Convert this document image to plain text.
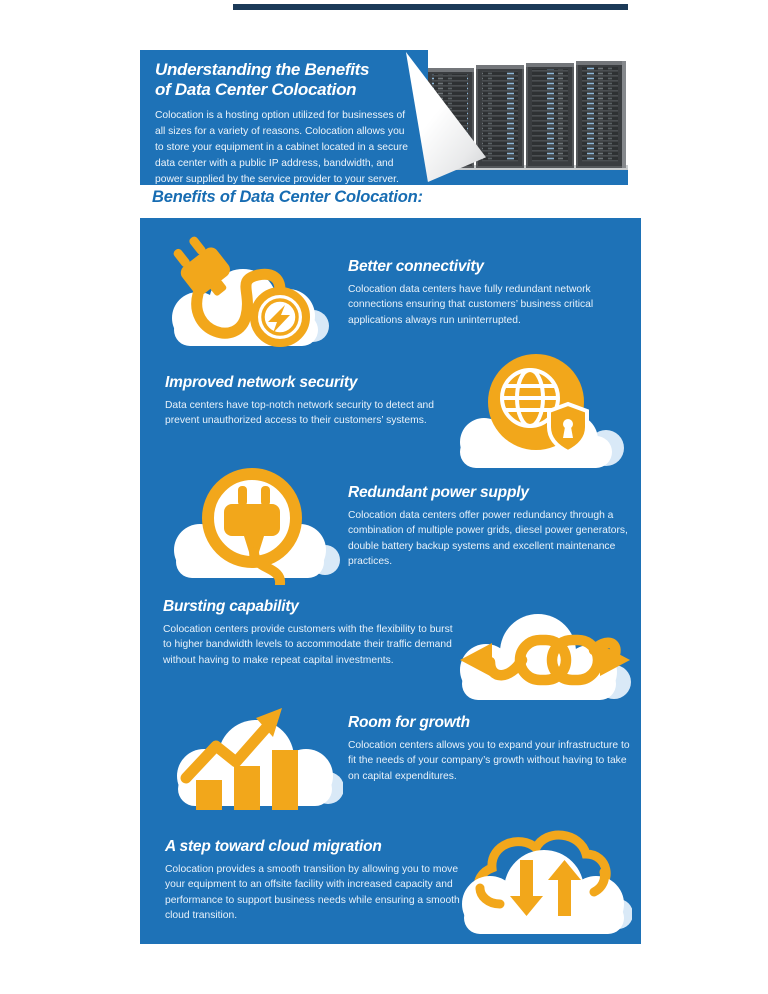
Understanding the Benefits
of Data Center Colocation

Colocation is a hosting option utilized for businesses of all sizes for a variety of reasons. Colocation allows you to store your equipment in a cabinet located in a secure data center with a public IP address, bandwidth, and power supplied by the service provider to your server.

Benefits of Data Center Colocation:
Better connectivity

Colocation data centers have fully redundant network connections ensuring that customers’ business critical applications always run uninterrupted.

Improved network security

Data centers have top-notch network security to detect and prevent unauthorized access to their customers’ systems.

Redundant power supply

Colocation data centers offer power redundancy through a combination of multiple power grids, diesel power generators, double battery backup systems and excellent maintenance practices.

Bursting capability

Colocation centers provide customers with the flexibility to burst to higher bandwidth levels to accommodate their traffic demand without having to make repeat capital investments.

Room for growth

Colocation centers allows you to expand your infrastructure to fit the needs of your company’s growth without having to take on capital expenditures.

A step toward cloud migration

Colocation provides a smooth transition by allowing you to move your equipment to an offsite facility with increased capacity and performance to support business needs while ensuring a smooth cloud transition.
